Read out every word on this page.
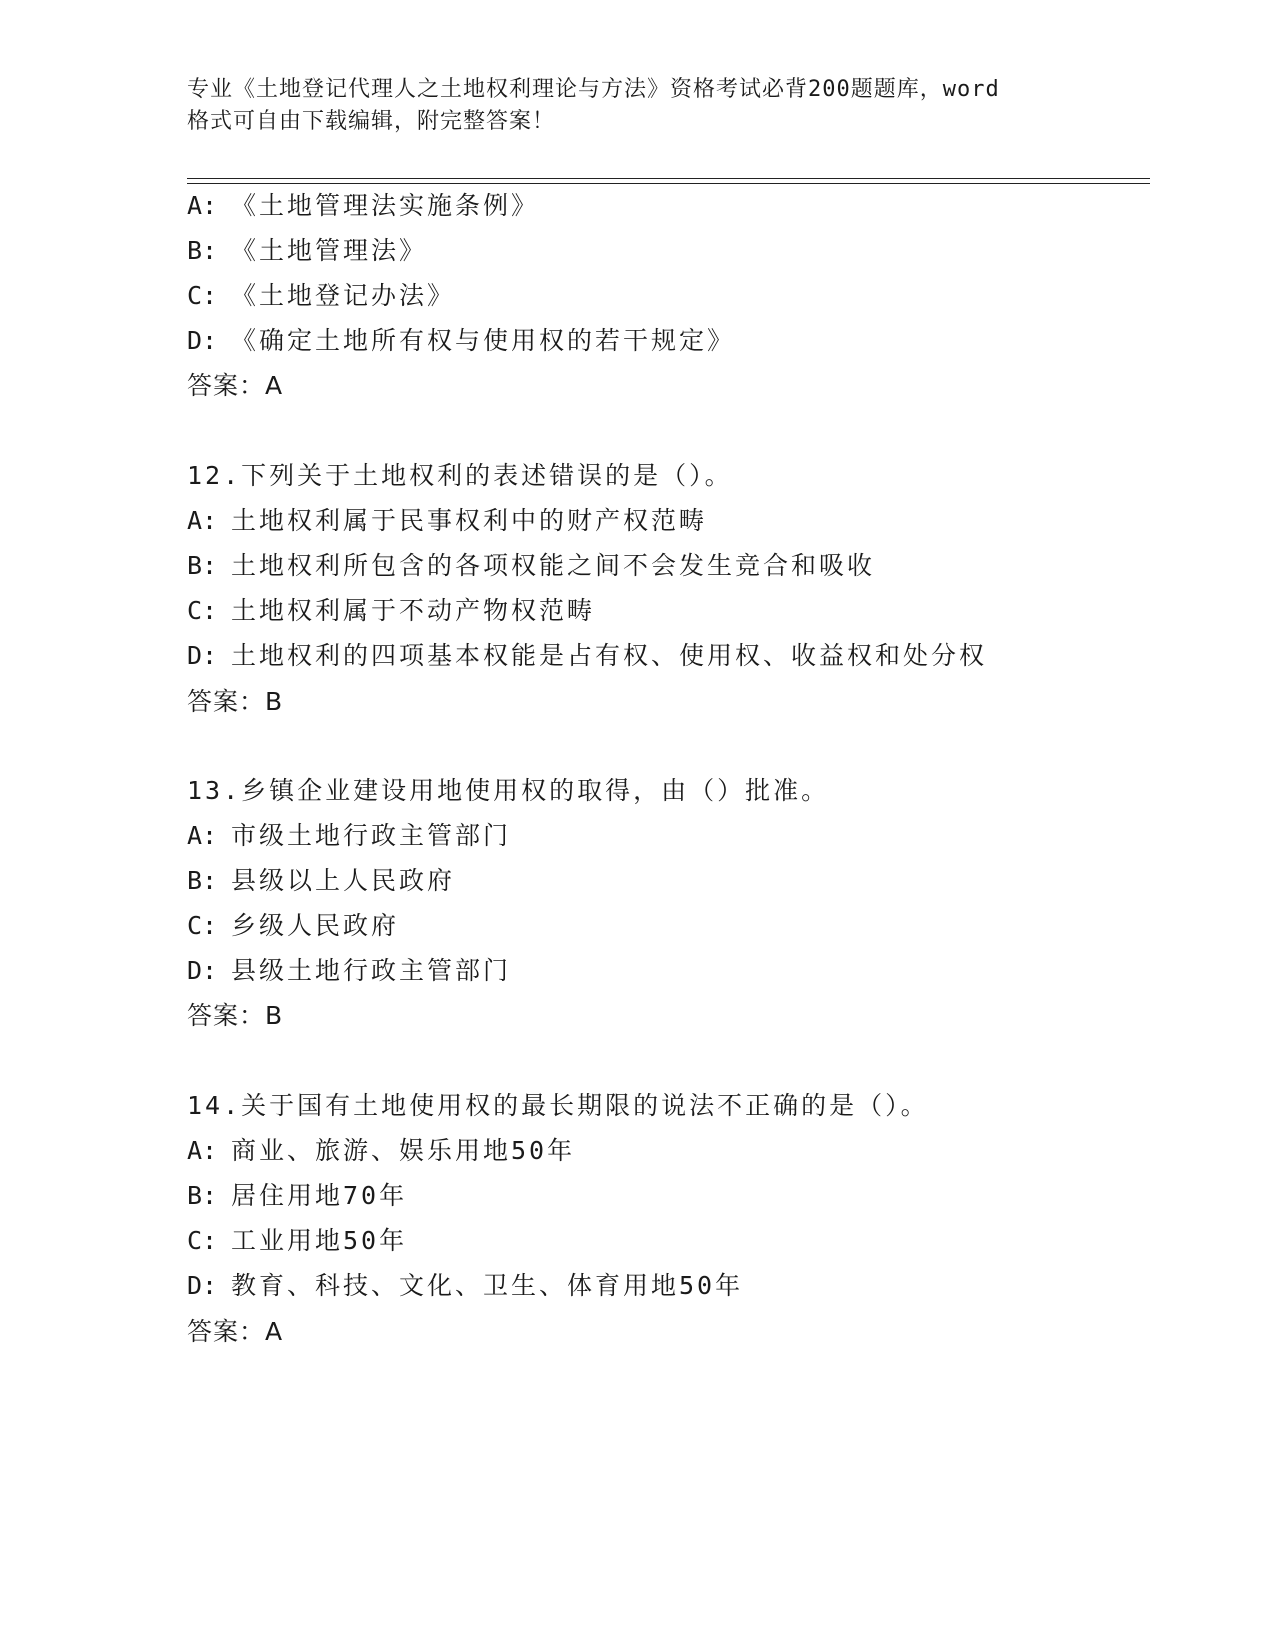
专业《土地登记代理人之土地权利理论与方法》资格考试必背200题题库，word
格式可自由下载编辑，附完整答案！
A: 《土地管理法实施条例》
B: 《土地管理法》
C: 《土地登记办法》
D: 《确定土地所有权与使用权的若干规定》
答案：A
12.下列关于土地权利的表述错误的是（）。
A: 土地权利属于民事权利中的财产权范畴
B: 土地权利所包含的各项权能之间不会发生竞合和吸收
C: 土地权利属于不动产物权范畴
D: 土地权利的四项基本权能是占有权、使用权、收益权和处分权
答案：B
13.乡镇企业建设用地使用权的取得，由（）批准。
A: 市级土地行政主管部门
B: 县级以上人民政府
C: 乡级人民政府
D: 县级土地行政主管部门
答案：B
14.关于国有土地使用权的最长期限的说法不正确的是（）。
A: 商业、旅游、娱乐用地50年
B: 居住用地70年
C: 工业用地50年
D: 教育、科技、文化、卫生、体育用地50年
答案：A
